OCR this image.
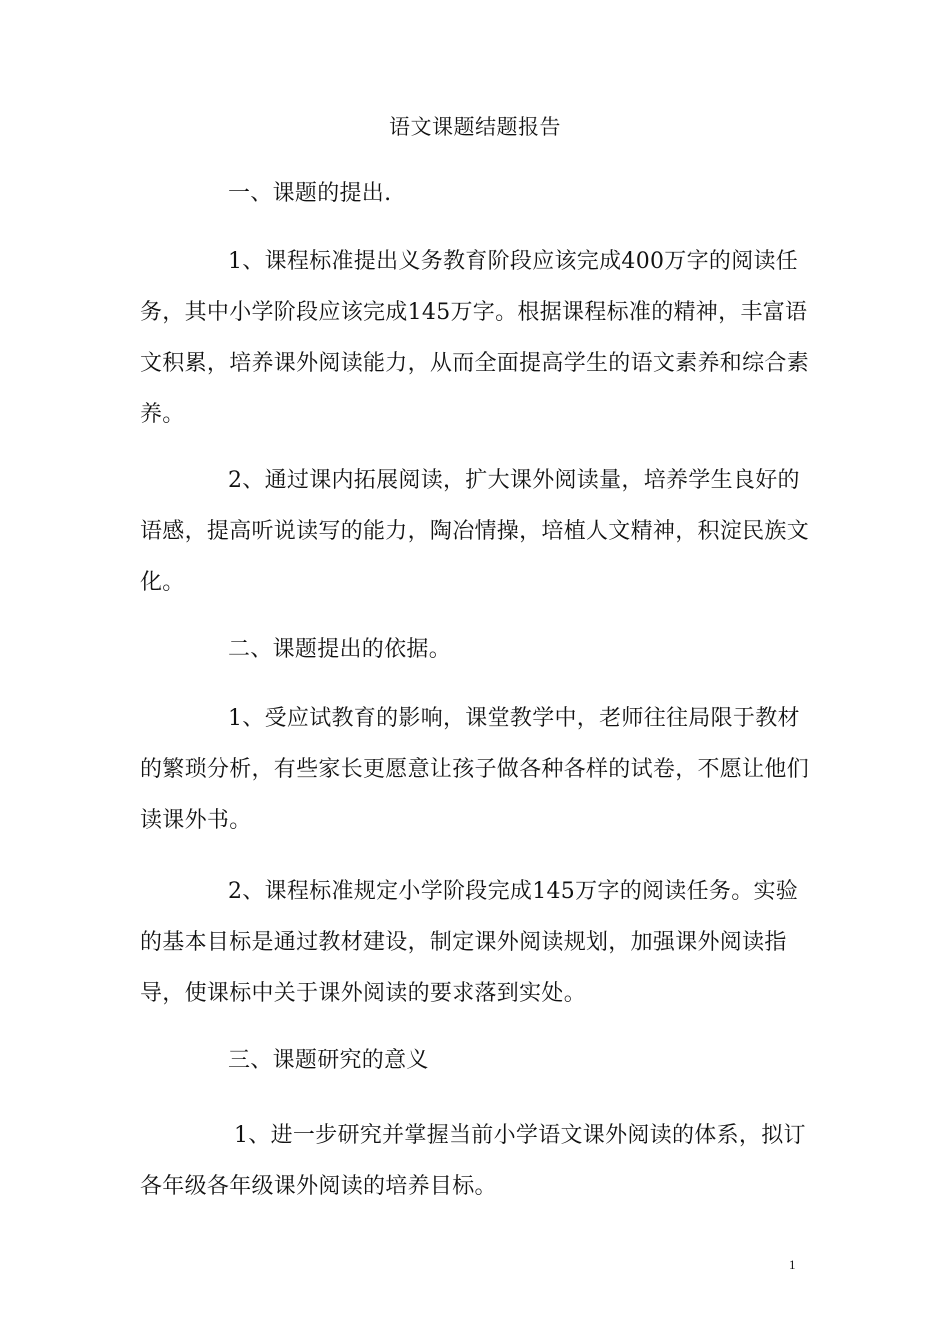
语文课题结题报告
一、课题的提出.
1、课程标准提出义务教育阶段应该完成400万字的阅读任务，其中小学阶段应该完成145万字。根据课程标准的精神，丰富语文积累，培养课外阅读能力，从而全面提高学生的语文素养和综合素养。
2、通过课内拓展阅读，扩大课外阅读量，培养学生良好的语感，提高听说读写的能力，陶冶情操，培植人文精神，积淀民族文化。
二、课题提出的依据。
1、受应试教育的影响，课堂教学中，老师往往局限于教材的繁琐分析，有些家长更愿意让孩子做各种各样的试卷，不愿让他们读课外书。
2、课程标准规定小学阶段完成145万字的阅读任务。实验的基本目标是通过教材建设，制定课外阅读规划，加强课外阅读指导，使课标中关于课外阅读的要求落到实处。
三、课题研究的意义
1、进一步研究并掌握当前小学语文课外阅读的体系，拟订各年级各年级课外阅读的培养目标。
1
